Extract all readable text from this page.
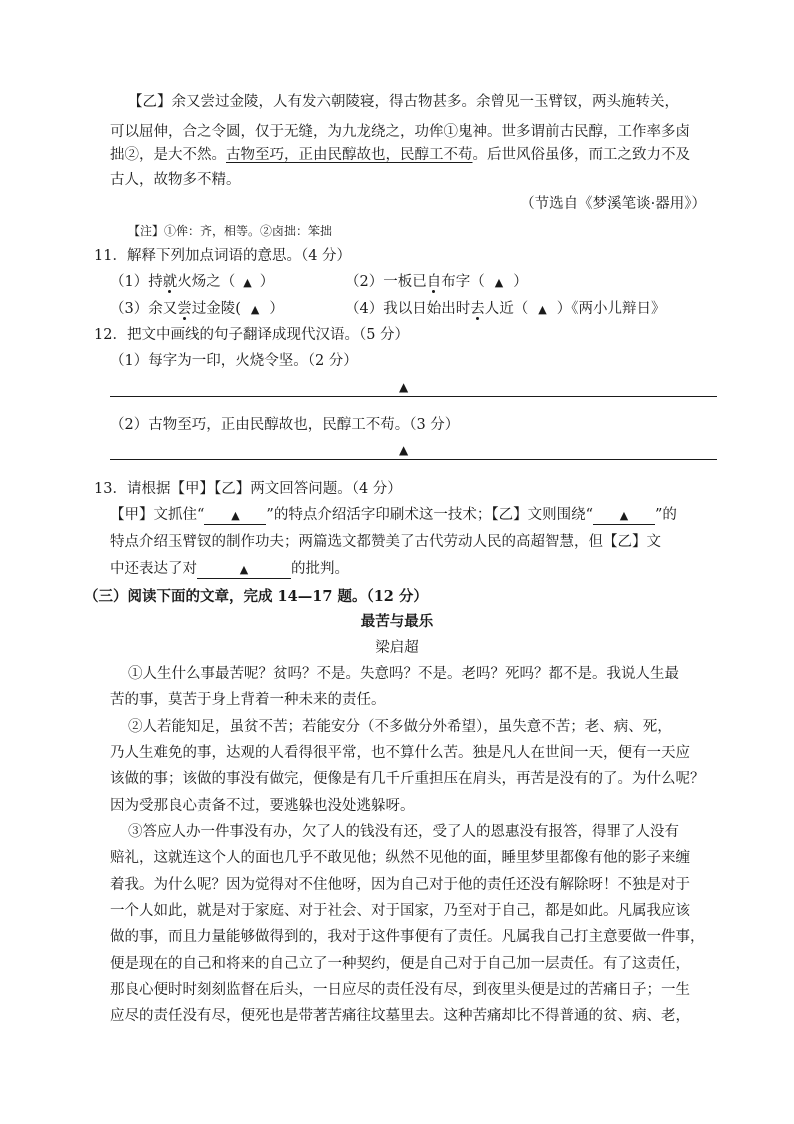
【乙】余又尝过金陵，人有发六朝陵寝，得古物甚多。余曾见一玉臂钗，两头施转关，
可以屈伸，合之令圆，仅于无缝，为九龙绕之，功侔①鬼神。世多谓前古民醇，工作率多卤
拙②，是大不然。古物至巧，正由民醇故也，民醇工不苟。后世风俗虽侈，而工之致力不及
古人，故物多不精。
（节选自《梦溪笔谈·器用》）
【注】①侔：齐，相等。②卤拙：笨拙
11．解释下列加点词语的意思。（4 分）
（1）持就火炀之（ ▲ ）	（2）一板已自布字（ ▲ ）
（3）余又尝过金陵( ▲ ）	（4）我以日始出时去人近（ ▲ ）《两小儿辩日》
12．把文中画线的句子翻译成现代汉语。（5 分）
（1）每字为一印，火烧令坚。（2 分）
▲
（2）古物至巧，正由民醇故也，民醇工不苟。（3 分）
▲
13．请根据【甲】【乙】两文回答问题。（4 分）
【甲】文抓住“ ▲ ”的特点介绍活字印刷术这一技术；【乙】文则围绕“ ▲ ”的
特点介绍玉臂钗的制作功夫；两篇选文都赞美了古代劳动人民的高超智慧，但【乙】文
中还表达了对	▲	的批判。
（三）阅读下面的文章，完成 14—17 题。（12 分）
最苦与最乐
梁启超
①人生什么事最苦呢？贫吗？不是。失意吗？不是。老吗？死吗？都不是。我说人生最
苦的事，莫苦于身上背着一种未来的责任。
②人若能知足，虽贫不苦；若能安分（不多做分外希望），虽失意不苦；老、病、死，
乃人生难免的事，达观的人看得很平常，也不算什么苦。独是凡人在世间一天，便有一天应
该做的事；该做的事没有做完，便像是有几千斤重担压在肩头，再苦是没有的了。为什么呢？
因为受那良心责备不过，要逃躲也没处逃躲呀。
③答应人办一件事没有办，欠了人的钱没有还，受了人的恩惠没有报答，得罪了人没有
赔礼，这就连这个人的面也几乎不敢见他；纵然不见他的面，睡里梦里都像有他的影子来缠
着我。为什么呢？因为觉得对不住他呀，因为自己对于他的责任还没有解除呀！不独是对于
一个人如此，就是对于家庭、对于社会、对于国家，乃至对于自己，都是如此。凡属我应该
做的事，而且力量能够做得到的，我对于这件事便有了责任。凡属我自己打主意要做一件事，
便是现在的自己和将来的自己立了一种契约，便是自己对于自己加一层责任。有了这责任，
那良心便时时刻刻监督在后头，一日应尽的责任没有尽，到夜里头便是过的苦痛日子；一生
应尽的责任没有尽，便死也是带著苦痛往坟墓里去。这种苦痛却比不得普通的贫、病、老，
